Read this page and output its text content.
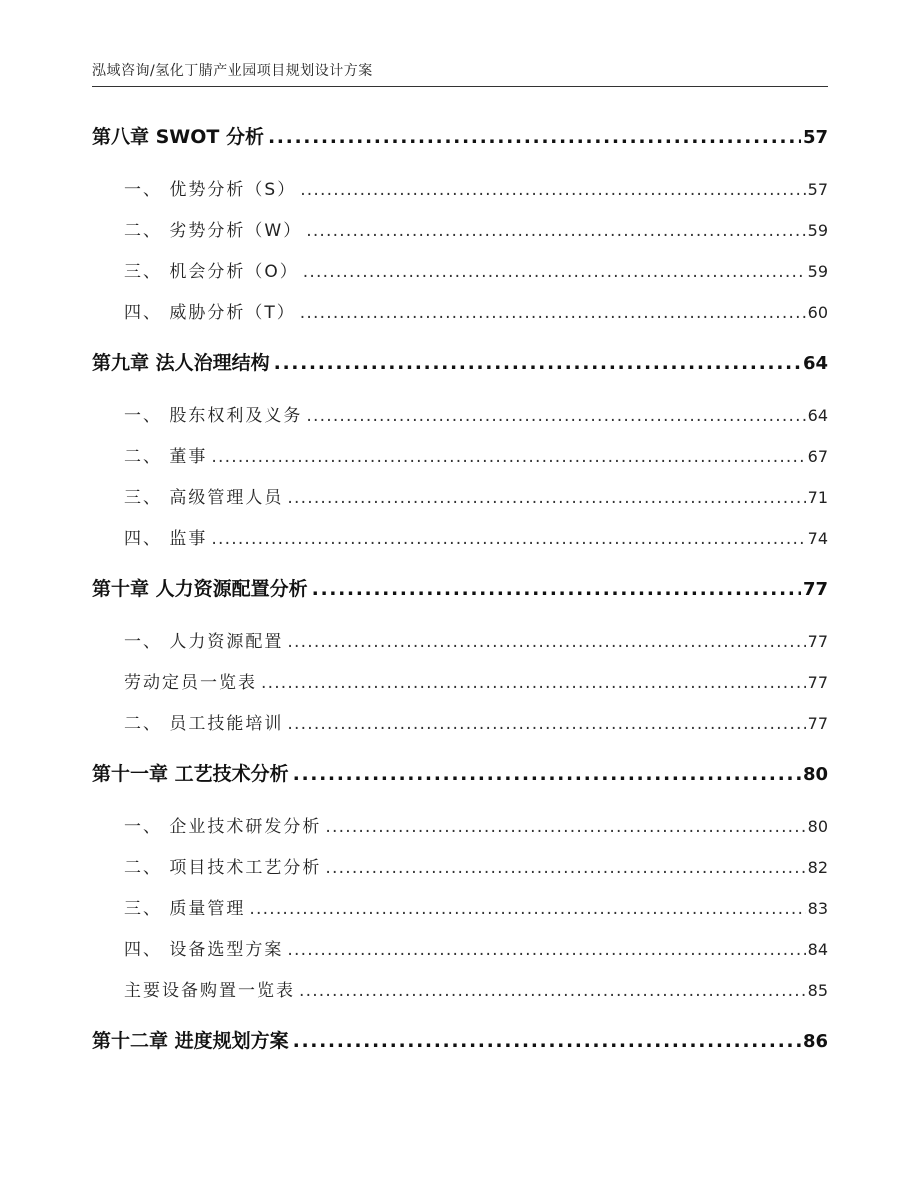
泓域咨询/氢化丁腈产业园项目规划设计方案
第八章 SWOT 分析 .....	57
一、 优势分析（S） .....	57
二、 劣势分析（W） .....	59
三、 机会分析（O） .....	59
四、 威胁分析（T） .....	60
第九章 法人治理结构 .....	64
一、 股东权利及义务 .....	64
二、 董事 .....	67
三、 高级管理人员 .....	71
四、 监事 .....	74
第十章 人力资源配置分析 .....	77
一、 人力资源配置 .....	77
劳动定员一览表 .....	77
二、 员工技能培训 .....	77
第十一章 工艺技术分析 .....	80
一、 企业技术研发分析 .....	80
二、 项目技术工艺分析 .....	82
三、 质量管理 .....	83
四、 设备选型方案 .....	84
主要设备购置一览表 .....	85
第十二章 进度规划方案 .....	86
